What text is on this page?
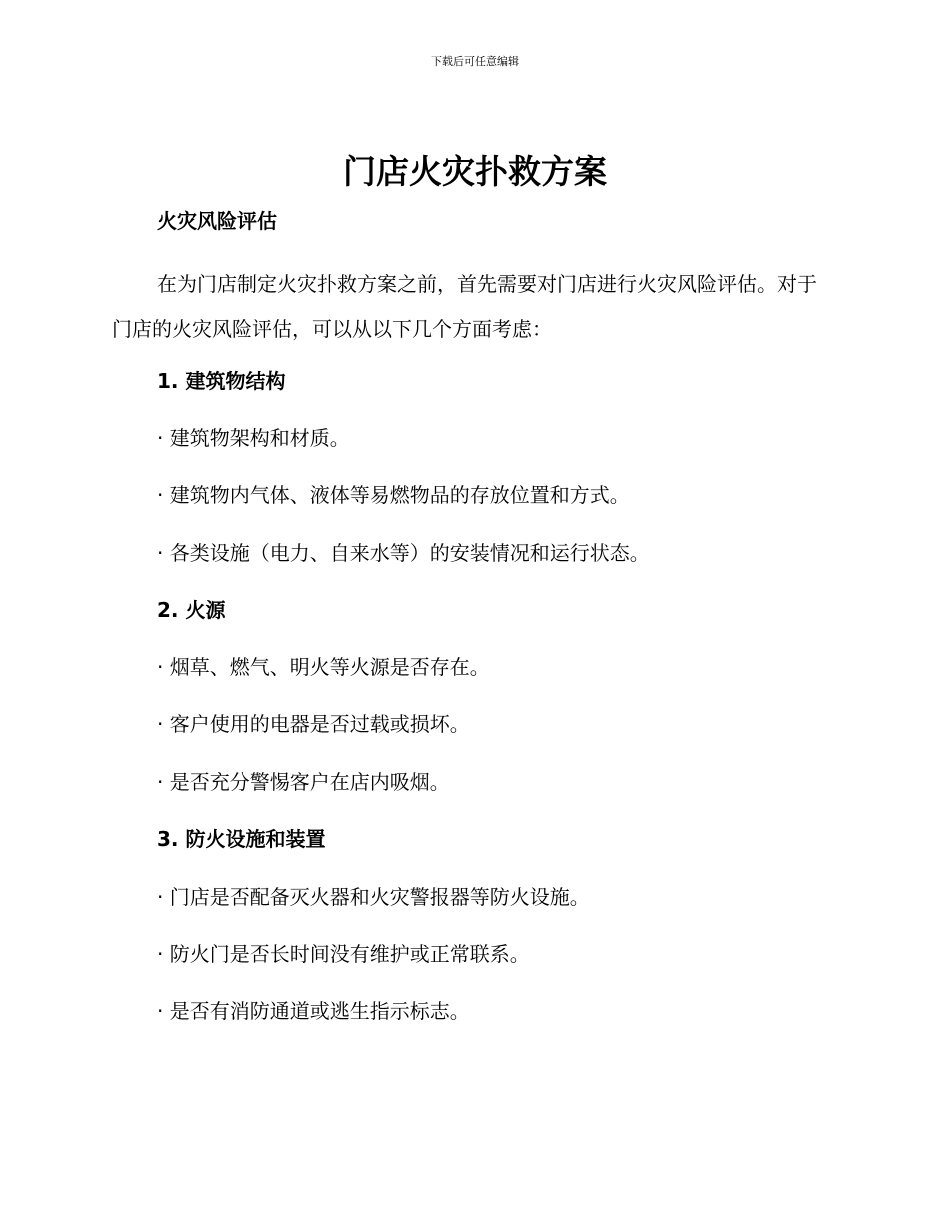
下载后可任意编辑
门店火灾扑救方案
火灾风险评估

在为门店制定火灾扑救方案之前，首先需要对门店进行火灾风险评估。对于门店的火灾风险评估，可以从以下几个方面考虑：

1. 建筑物结构

· 建筑物架构和材质。

· 建筑物内气体、液体等易燃物品的存放位置和方式。

· 各类设施（电力、自来水等）的安装情况和运行状态。

2. 火源

· 烟草、燃气、明火等火源是否存在。

· 客户使用的电器是否过载或损坏。

· 是否充分警惕客户在店内吸烟。

3. 防火设施和装置

· 门店是否配备灭火器和火灾警报器等防火设施。

· 防火门是否长时间没有维护或正常联系。

· 是否有消防通道或逃生指示标志。
